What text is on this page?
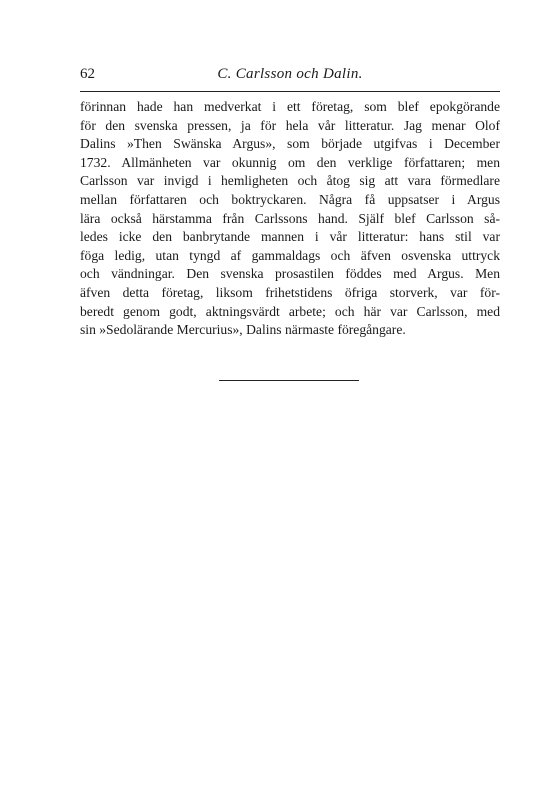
62	C. Carlsson och Dalin.
förinnan hade han medverkat i ett företag, som blef epokgörande
för den svenska pressen, ja för hela vår litteratur. Jag menar Olof
Dalins »Then Swänska Argus», som började utgifvas i December
1732. Allmänheten var okunnig om den verklige författaren; men
Carlsson var invigd i hemligheten och åtog sig att vara förmedlare
mellan författaren och boktryckaren. Några få uppsatser i Argus
lära också härstamma från Carlssons hand. Själf blef Carlsson så-
ledes icke den banbrytande mannen i vår litteratur: hans stil var
föga ledig, utan tyngd af gammaldags och äfven osvenska uttryck
och vändningar. Den svenska prosastilen föddes med Argus. Men
äfven detta företag, liksom frihetstidens öfriga storverk, var för-
beredt genom godt, aktningsvärdt arbete; och här var Carlsson, med
sin »Sedolärande Mercurius», Dalins närmaste föregångare.
